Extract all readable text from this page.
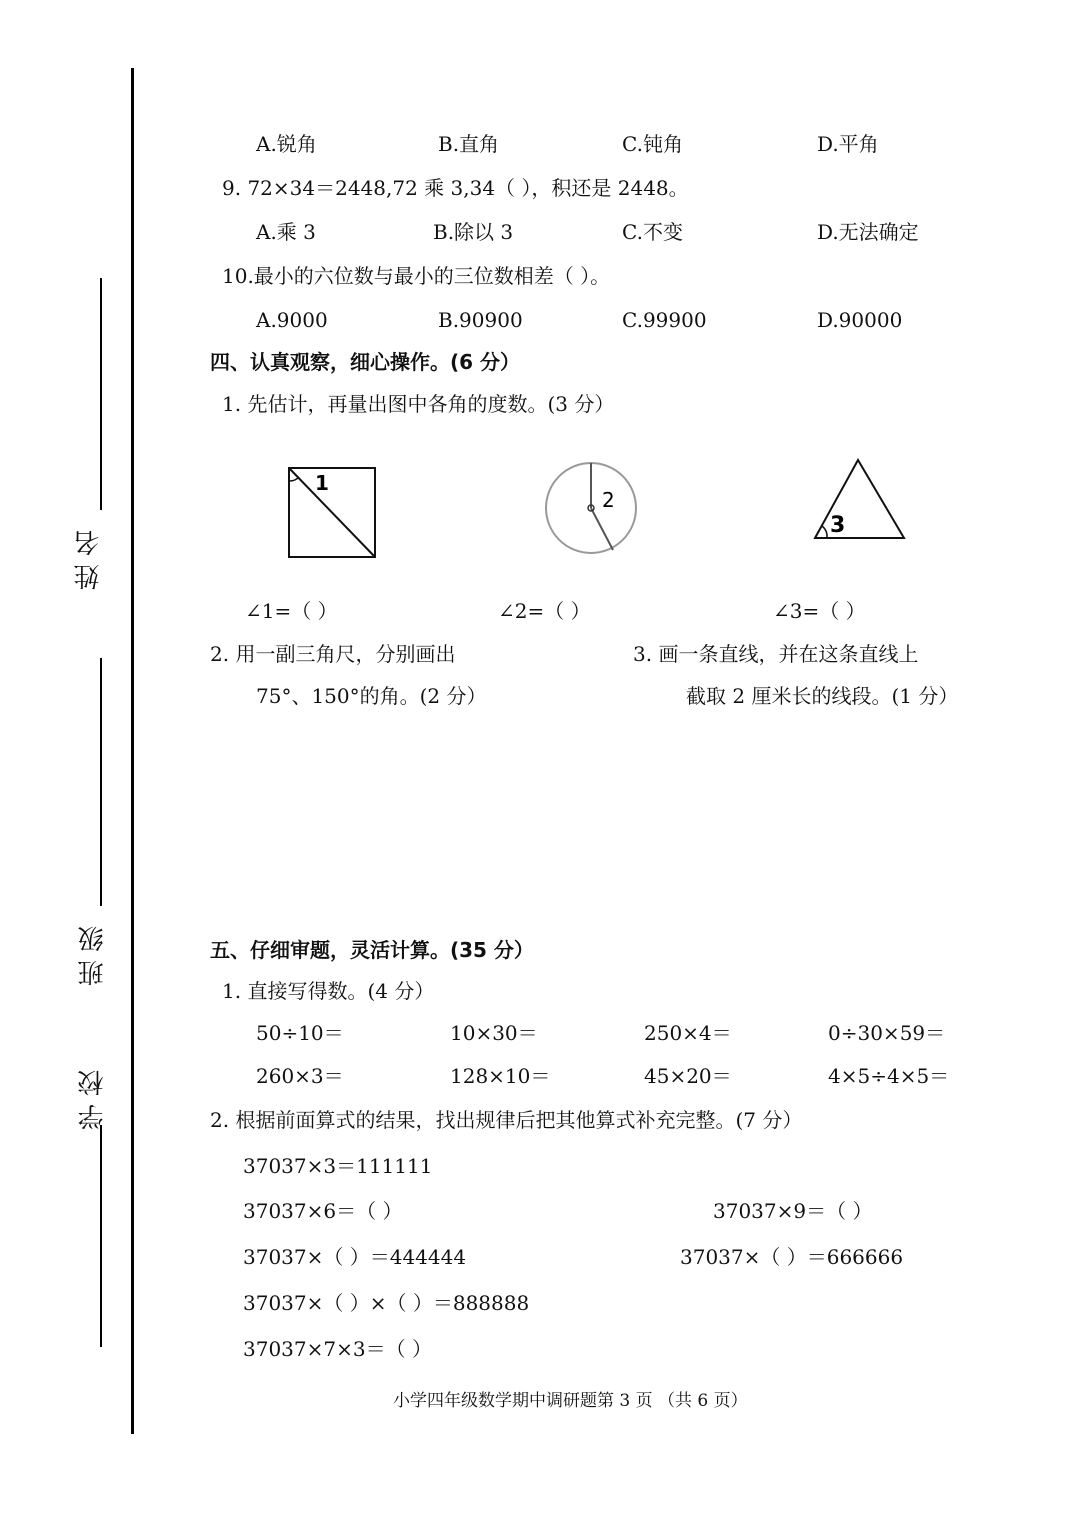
姓名
班级
学校
A.锐角	B.直角	C.钝角	D.平角
9. 72×34＝2448,72 乘 3,34（ ），积还是 2448。
A.乘 3	B.除以 3	C.不变	D.无法确定
10.最小的六位数与最小的三位数相差（ ）。
A.9000	B.90900	C.99900	D.90000
四、认真观察，细心操作。(6 分）
1. 先估计，再量出图中各角的度数。(3 分）
1
2
3
∠1=（ ）	∠2=（ ）	∠3=（ ）
2. 用一副三角尺，分别画出
75°、150°的角。(2 分）
3. 画一条直线，并在这条直线上
截取 2 厘米长的线段。(1 分）
五、仔细审题，灵活计算。(35 分）
1. 直接写得数。(4 分）
50÷10＝	10×30＝	250×4＝	0÷30×59＝
260×3＝	128×10＝	45×20＝	4×5÷4×5＝
2. 根据前面算式的结果，找出规律后把其他算式补充完整。(7 分）
37037×3＝111111
37037×6＝（ ）	37037×9＝（ ）
37037×（ ）＝444444	37037×（ ）＝666666
37037×（ ）×（ ）＝888888
37037×7×3＝（ ）
小学四年级数学期中调研题第 3 页 （共 6 页）
